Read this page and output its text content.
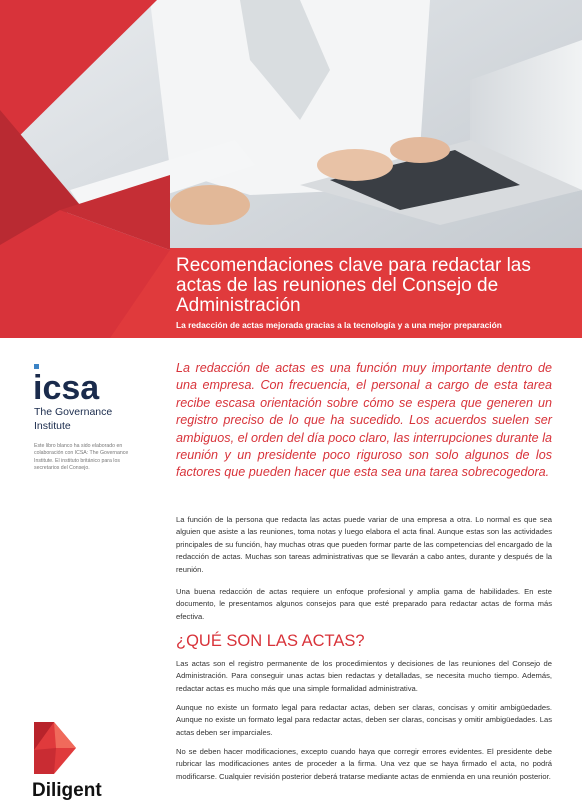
Recomendaciones clave para redactar las actas de las reuniones del Consejo de Administración

La redacción de actas mejorada gracias a la tecnología y a una mejor preparación

icsa
The Governance
Institute

Este libro blanco ha sido elaborado en colaboración con ICSA: The Governance Institute. El instituto británico para los secretarios del Consejo.

Diligent

La redacción de actas es una función muy importante dentro de una empresa. Con frecuencia, el personal a cargo de esta tarea recibe escasa orientación sobre cómo se espera que generen un registro preciso de lo que ha sucedido. Los acuerdos suelen ser ambiguos, el orden del día poco claro, las interrupciones durante la reunión y un presidente poco riguroso son solo algunos de los factores que pueden hacer que esta sea una tarea sobrecogedora.

La función de la persona que redacta las actas puede variar de una empresa a otra. Lo normal es que sea alguien que asiste a las reuniones, toma notas y luego elabora el acta final. Aunque estas son las actividades principales de su función, hay muchas otras que pueden formar parte de las competencias del encargado de la redacción de actas. Muchas son tareas administrativas que se llevarán a cabo antes, durante y después de la reunión.

Una buena redacción de actas requiere un enfoque profesional y amplia gama de habilidades. En este documento, le presentamos algunos consejos para que esté preparado para redactar actas de forma más efectiva.

¿QUÉ SON LAS ACTAS?

Las actas son el registro permanente de los procedimientos y decisiones de las reuniones del Consejo de Administración. Para conseguir unas actas bien redactas y detalladas, se necesita mucho tiempo. Además, redactar actas es mucho más que una simple formalidad administrativa.

Aunque no existe un formato legal para redactar actas, deben ser claras, concisas y omitir ambigüedades. Aunque no existe un formato legal para redactar actas, deben ser claras, concisas y omitir ambigüedades. Las actas deben ser imparciales.

No se deben hacer modificaciones, excepto cuando haya que corregir errores evidentes. El presidente debe rubricar las modificaciones antes de proceder a la firma. Una vez que se haya firmado el acta, no podrá modificarse. Cualquier revisión posterior deberá tratarse mediante actas de enmienda en una reunión posterior.
